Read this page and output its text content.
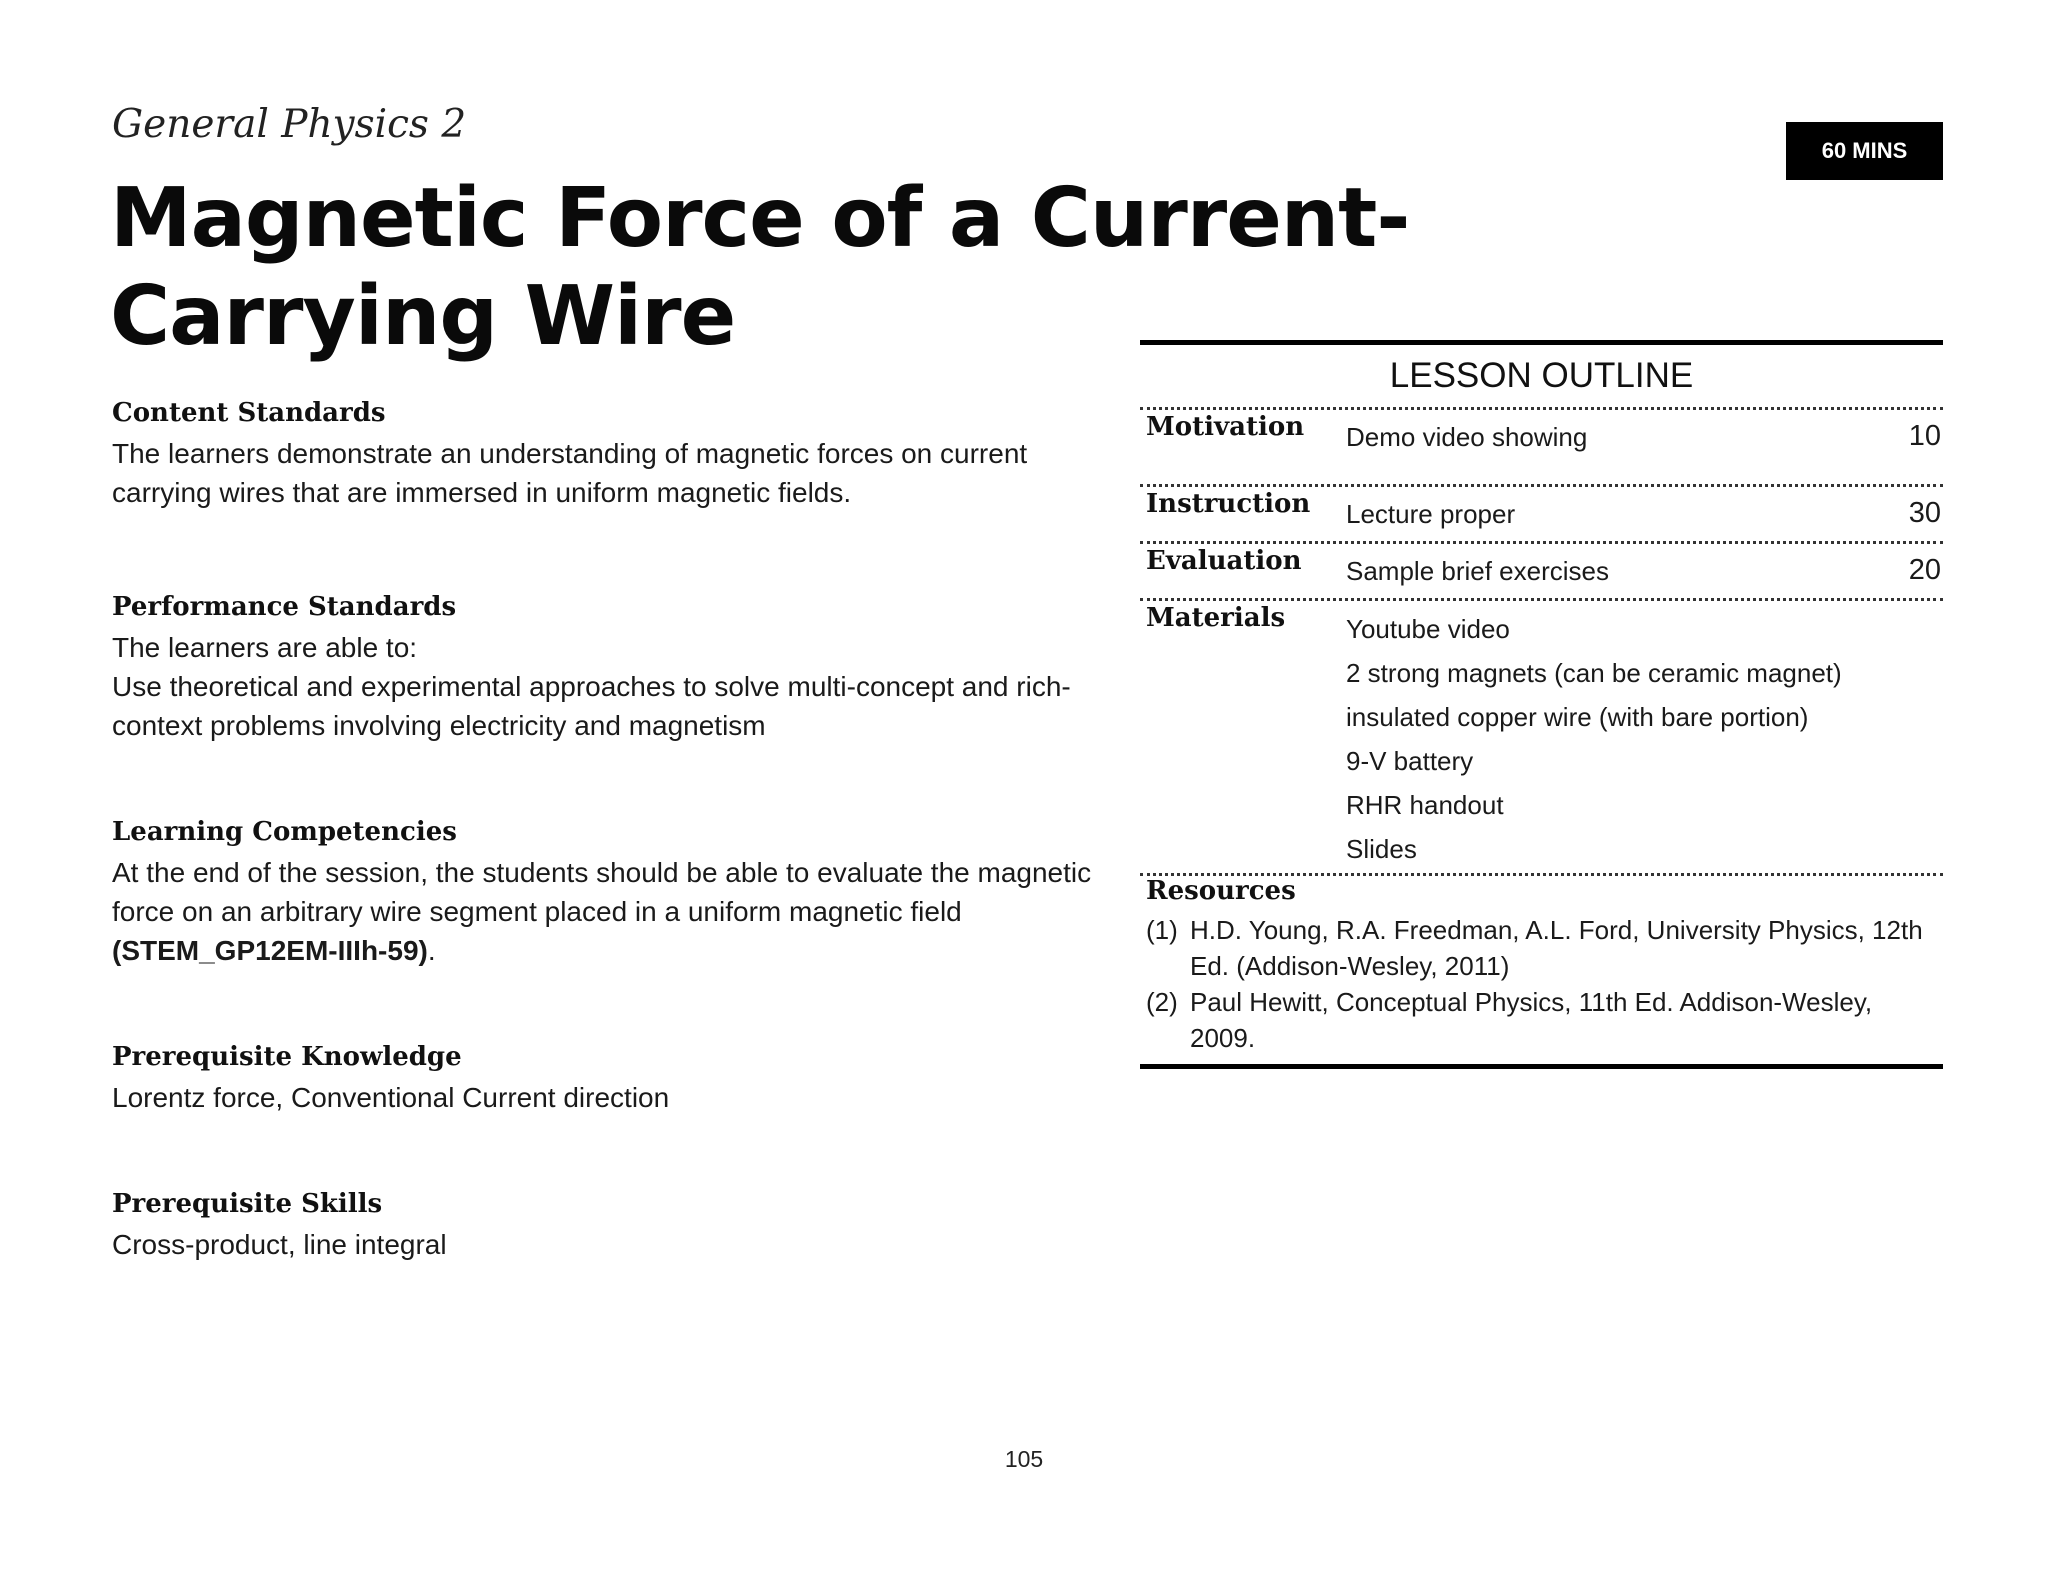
General Physics 2

60 MINS
Magnetic Force of a Current-Carrying Wire

Content Standards

The learners demonstrate an understanding of magnetic forces on current carrying wires that are immersed in uniform magnetic fields.

Performance Standards

The learners are able to:

Use theoretical and experimental approaches to solve multi-concept and rich-context problems involving electricity and magnetism

Learning Competencies

At the end of the session, the students should be able to evaluate the magnetic force on an arbitrary wire segment placed in a uniform magnetic field (STEM_GP12EM-IIIh-59).

Prerequisite Knowledge

Lorentz force, Conventional Current direction

Prerequisite Skills

Cross-product, line integral

LESSON OUTLINE

Motivation	Demo video showing	10
Instruction	Lecture proper	30
Evaluation	Sample brief exercises	20
Materials	Youtube video
2 strong magnets (can be ceramic magnet)
insulated copper wire (with bare portion)
9-V battery
RHR handout
Slides

Resources

(1) H.D. Young, R.A. Freedman, A.L. Ford, University Physics, 12th Ed. (Addison-Wesley, 2011)
(2) Paul Hewitt, Conceptual Physics, 11th Ed. Addison-Wesley, 2009.
105
